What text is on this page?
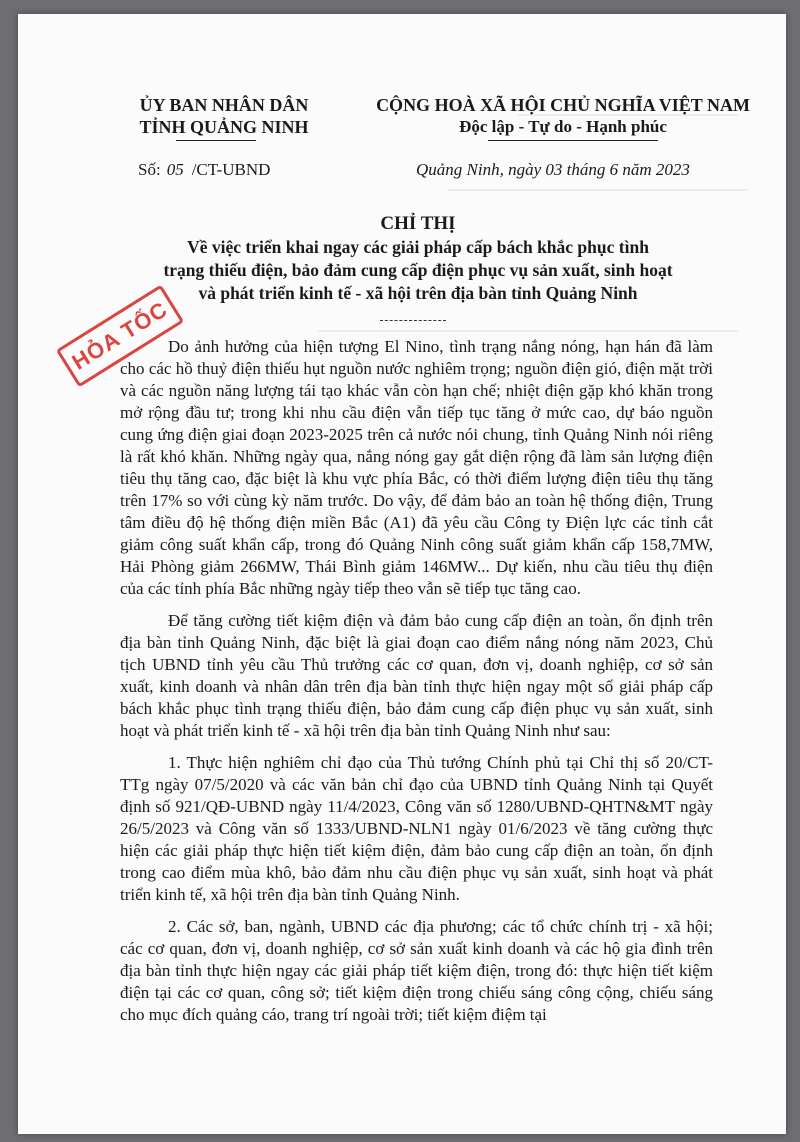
ỦY BAN NHÂN DÂN
TỈNH QUẢNG NINH
CỘNG HOÀ XÃ HỘI CHỦ NGHĨA VIỆT NAM
Độc lập - Tự do - Hạnh phúc
Số: 05 /CT-UBND	Quảng Ninh, ngày 03 tháng 6 năm 2023
CHỈ THỊ
Về việc triển khai ngay các giải pháp cấp bách khắc phục tình
trạng thiếu điện, bảo đảm cung cấp điện phục vụ sản xuất, sinh hoạt
và phát triển kinh tế - xã hội trên địa bàn tỉnh Quảng Ninh
HỎA TỐC

Do ảnh hưởng của hiện tượng El Nino, tình trạng nắng nóng, hạn hán đã làm cho các hồ thuỷ điện thiếu hụt nguồn nước nghiêm trọng; nguồn điện gió, điện mặt trời và các nguồn năng lượng tái tạo khác vẫn còn hạn chế; nhiệt điện gặp khó khăn trong mở rộng đầu tư; trong khi nhu cầu điện vẫn tiếp tục tăng ở mức cao, dự báo nguồn cung ứng điện giai đoạn 2023-2025 trên cả nước nói chung, tỉnh Quảng Ninh nói riêng là rất khó khăn. Những ngày qua, nắng nóng gay gắt diện rộng đã làm sản lượng điện tiêu thụ tăng cao, đặc biệt là khu vực phía Bắc, có thời điểm lượng điện tiêu thụ tăng trên 17% so với cùng kỳ năm trước. Do vậy, để đảm bảo an toàn hệ thống điện, Trung tâm điều độ hệ thống điện miền Bắc (A1) đã yêu cầu Công ty Điện lực các tỉnh cắt giảm công suất khẩn cấp, trong đó Quảng Ninh công suất giảm khẩn cấp 158,7MW, Hải Phòng giảm 266MW, Thái Bình giảm 146MW... Dự kiến, nhu cầu tiêu thụ điện của các tỉnh phía Bắc những ngày tiếp theo vẫn sẽ tiếp tục tăng cao.

Để tăng cường tiết kiệm điện và đảm bảo cung cấp điện an toàn, ổn định trên địa bàn tỉnh Quảng Ninh, đặc biệt là giai đoạn cao điểm nắng nóng năm 2023, Chủ tịch UBND tỉnh yêu cầu Thủ trưởng các cơ quan, đơn vị, doanh nghiệp, cơ sở sản xuất, kinh doanh và nhân dân trên địa bàn tỉnh thực hiện ngay một số giải pháp cấp bách khắc phục tình trạng thiếu điện, bảo đảm cung cấp điện phục vụ sản xuất, sinh hoạt và phát triển kinh tế - xã hội trên địa bàn tỉnh Quảng Ninh như sau:

1. Thực hiện nghiêm chỉ đạo của Thủ tướng Chính phủ tại Chỉ thị số 20/CT-TTg ngày 07/5/2020 và các văn bản chỉ đạo của UBND tỉnh Quảng Ninh tại Quyết định số 921/QĐ-UBND ngày 11/4/2023, Công văn số 1280/UBND-QHTN&MT ngày 26/5/2023 và Công văn số 1333/UBND-NLN1 ngày 01/6/2023 về tăng cường thực hiện các giải pháp thực hiện tiết kiệm điện, đảm bảo cung cấp điện an toàn, ổn định trong cao điểm mùa khô, bảo đảm nhu cầu điện phục vụ sản xuất, sinh hoạt và phát triển kinh tế, xã hội trên địa bàn tỉnh Quảng Ninh.

2. Các sở, ban, ngành, UBND các địa phương; các tổ chức chính trị - xã hội; các cơ quan, đơn vị, doanh nghiệp, cơ sở sản xuất kinh doanh và các hộ gia đình trên địa bàn tỉnh thực hiện ngay các giải pháp tiết kiệm điện, trong đó: thực hiện tiết kiệm điện tại các cơ quan, công sở; tiết kiệm điện trong chiếu sáng công cộng, chiếu sáng cho mục đích quảng cáo, trang trí ngoài trời; tiết kiệm điệm tại
